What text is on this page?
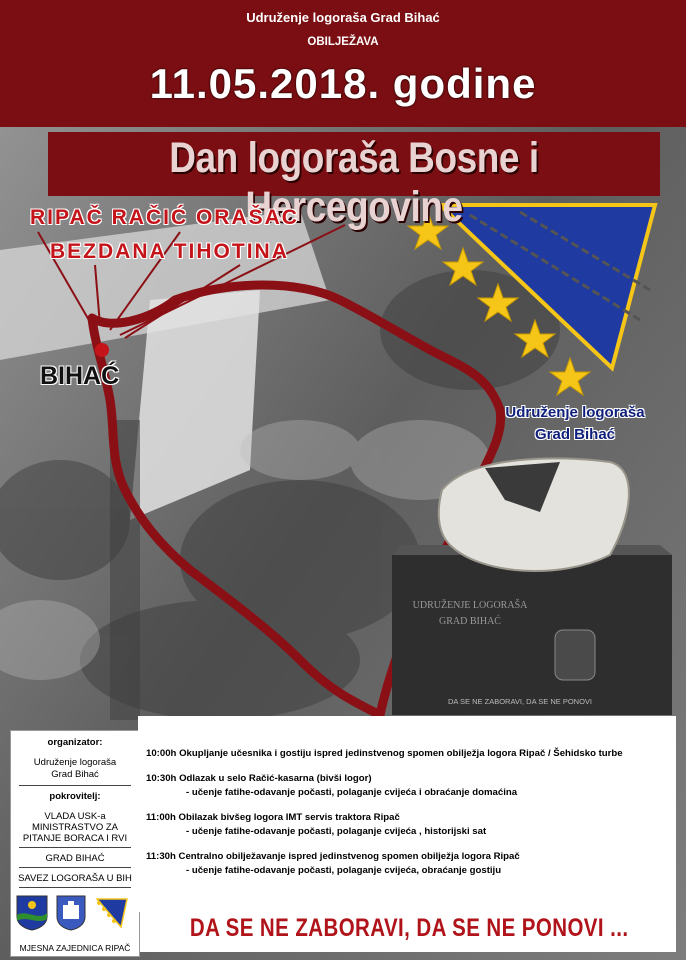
Udruženje logoraša Grad Bihać
OBILJEŽAVA
11.05.2018. godine
Dan logoraša Bosne i Hercegovine
RIPAČ RAČIĆ ORAŠAC
BEZDANA TIHOTINA
BIHAĆ
Udruženje logoraša
Grad Bihać
UDRUŽENJE LOGORAŠA
GRAD BIHAĆ
DA SE NE ZABORAVI, DA SE NE PONOVI
organizator:
Udruženje logoraša
Grad Bihać
pokrovitelj:
VLADA USK-a
MINISTRASTVO ZA
PITANJE BORACA I RVI
GRAD BIHAĆ
SAVEZ LOGORAŠA U BIH
MJESNA ZAJEDNICA RIPAČ
10:00h Okupljanje učesnika i gostiju ispred jedinstvenog spomen obilježja logora Ripač / Šehidsko turbe
10:30h Odlazak u selo Račić-kasarna (bivši logor)
- učenje fatihe-odavanje počasti, polaganje cvijeća i obraćanje domaćina
11:00h Obilazak bivšeg logora IMT servis traktora Ripač
- učenje fatihe-odavanje počasti, polaganje cvijeća , historijski sat
11:30h Centralno obilježavanje ispred jedinstvenog spomen obilježja logora Ripač
- učenje fatihe-odavanje počasti, polaganje cvijeća, obraćanje gostiju
DA SE NE ZABORAVI, DA SE NE PONOVI ...
